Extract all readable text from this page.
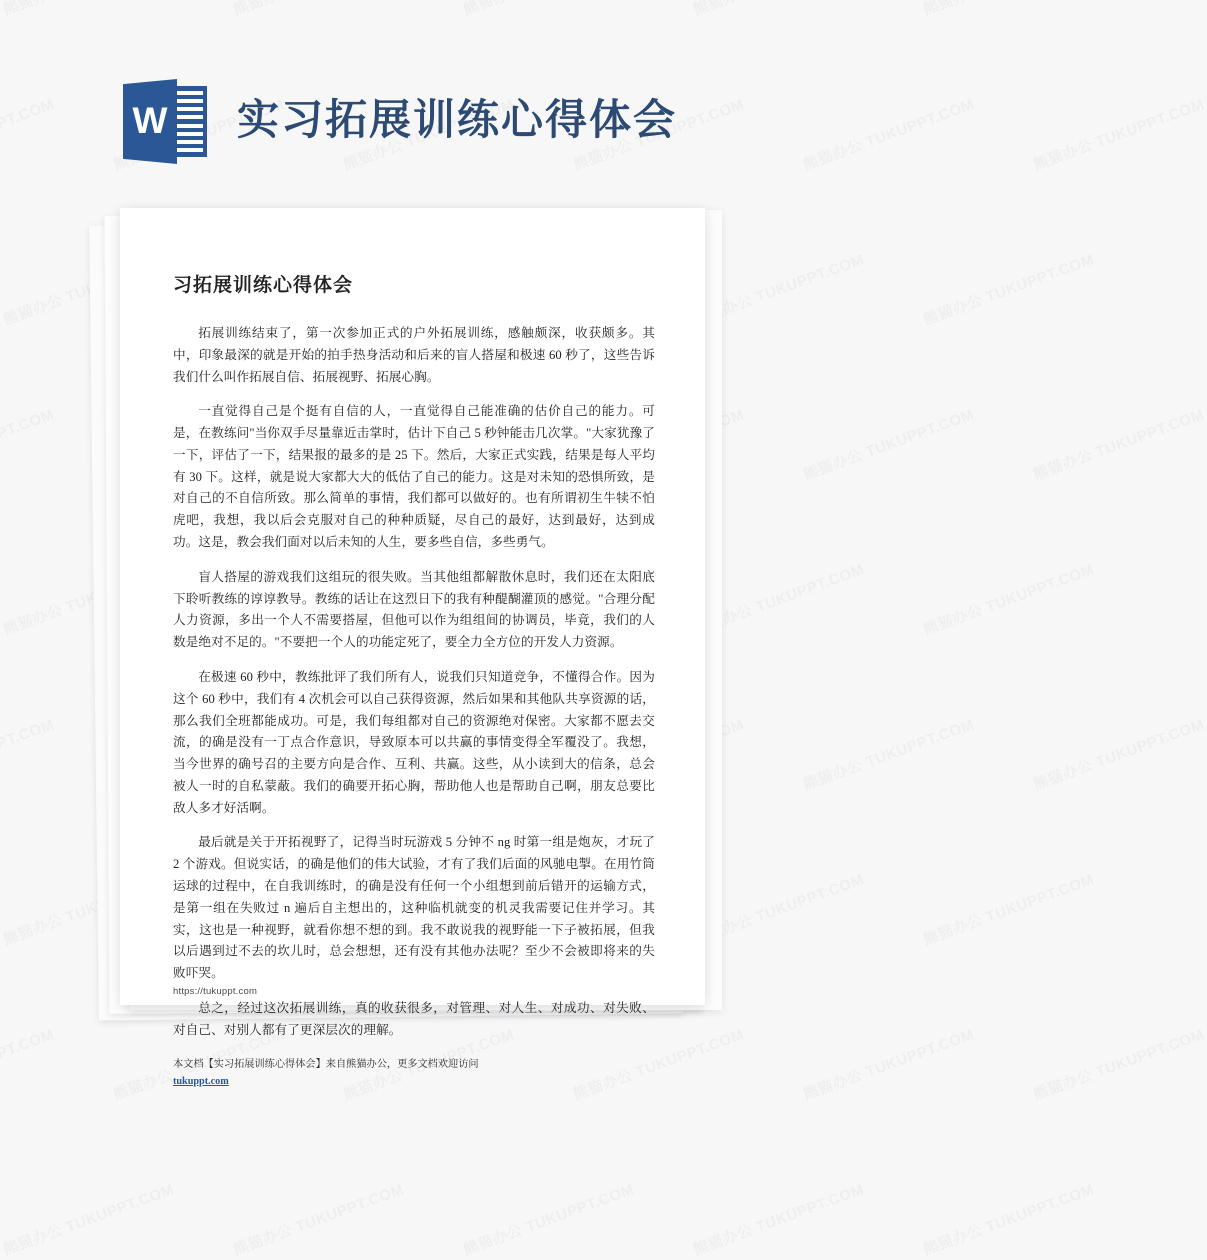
W 实习拓展训练心得体会
习拓展训练心得体会

拓展训练结束了，第一次参加正式的户外拓展训练，感触颇深，收获颇多。其中，印象最深的就是开始的拍手热身活动和后来的盲人搭屋和极速 60 秒了，这些告诉我们什么叫作拓展自信、拓展视野、拓展心胸。

一直觉得自己是个挺有自信的人，一直觉得自己能准确的估价自己的能力。可是，在教练问"当你双手尽量靠近击掌时，估计下自己 5 秒钟能击几次掌。"大家犹豫了一下，评估了一下，结果报的最多的是 25 下。然后，大家正式实践，结果是每人平均有 30 下。这样，就是说大家都大大的低估了自己的能力。这是对未知的恐惧所致，是对自己的不自信所致。那么简单的事情，我们都可以做好的。也有所谓初生牛犊不怕虎吧，我想，我以后会克服对自己的种种质疑，尽自己的最好，达到最好，达到成功。这是，教会我们面对以后未知的人生，要多些自信，多些勇气。

盲人搭屋的游戏我们这组玩的很失败。当其他组都解散休息时，我们还在太阳底下聆听教练的谆谆教导。教练的话让在这烈日下的我有种醍醐灌顶的感觉。"合理分配人力资源，多出一个人不需要搭屋，但他可以作为组组间的协调员，毕竟，我们的人数是绝对不足的。"不要把一个人的功能定死了，要全力全方位的开发人力资源。

在极速 60 秒中，教练批评了我们所有人，说我们只知道竞争，不懂得合作。因为这个 60 秒中，我们有 4 次机会可以自己获得资源，然后如果和其他队共享资源的话，那么我们全班都能成功。可是，我们每组都对自己的资源绝对保密。大家都不愿去交流，的确是没有一丁点合作意识，导致原本可以共赢的事情变得全军覆没了。我想，当今世界的确号召的主要方向是合作、互利、共赢。这些，从小读到大的信条，总会被人一时的自私蒙蔽。我们的确要开拓心胸，帮助他人也是帮助自己啊，朋友总要比敌人多才好活啊。

最后就是关于开拓视野了，记得当时玩游戏 5 分钟不 ng 时第一组是炮灰，才玩了 2 个游戏。但说实话，的确是他们的伟大试验，才有了我们后面的风驰电掣。在用竹筒运球的过程中，在自我训练时，的确是没有任何一个小组想到前后错开的运输方式，是第一组在失败过 n 遍后自主想出的，这种临机就变的机灵我需要记住并学习。其实，这也是一种视野，就看你想不想的到。我不敢说我的视野能一下子被拓展，但我以后遇到过不去的坎儿时，总会想想，还有没有其他办法呢？至少不会被即将来的失败吓哭。

总之，经过这次拓展训练，真的收获很多，对管理、对人生、对成功、对失败、对自己、对别人都有了更深层次的理解。

本文档【实习拓展训练心得体会】来自熊猫办公，更多文档欢迎访问
tukuppt.com
https://tukuppt.com
